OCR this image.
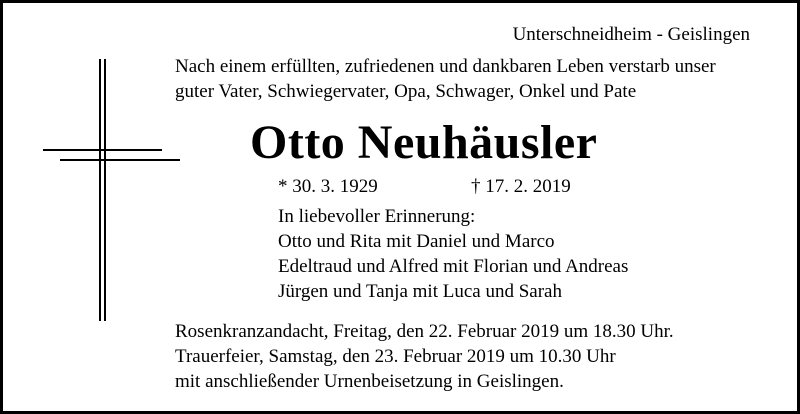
Unterschneidheim - Geislingen
Nach einem erfüllten, zufriedenen und dankbaren Leben verstarb unser
guter Vater, Schwiegervater, Opa, Schwager, Onkel und Pate
Otto Neuhäusler
* 30. 3. 1929	† 17. 2. 2019
In liebevoller Erinnerung:
Otto und Rita mit Daniel und Marco
Edeltraud und Alfred mit Florian und Andreas
Jürgen und Tanja mit Luca und Sarah
Rosenkranzandacht, Freitag, den 22. Februar 2019 um 18.30 Uhr.
Trauerfeier, Samstag, den 23. Februar 2019 um 10.30 Uhr
mit anschließender Urnenbeisetzung in Geislingen.
